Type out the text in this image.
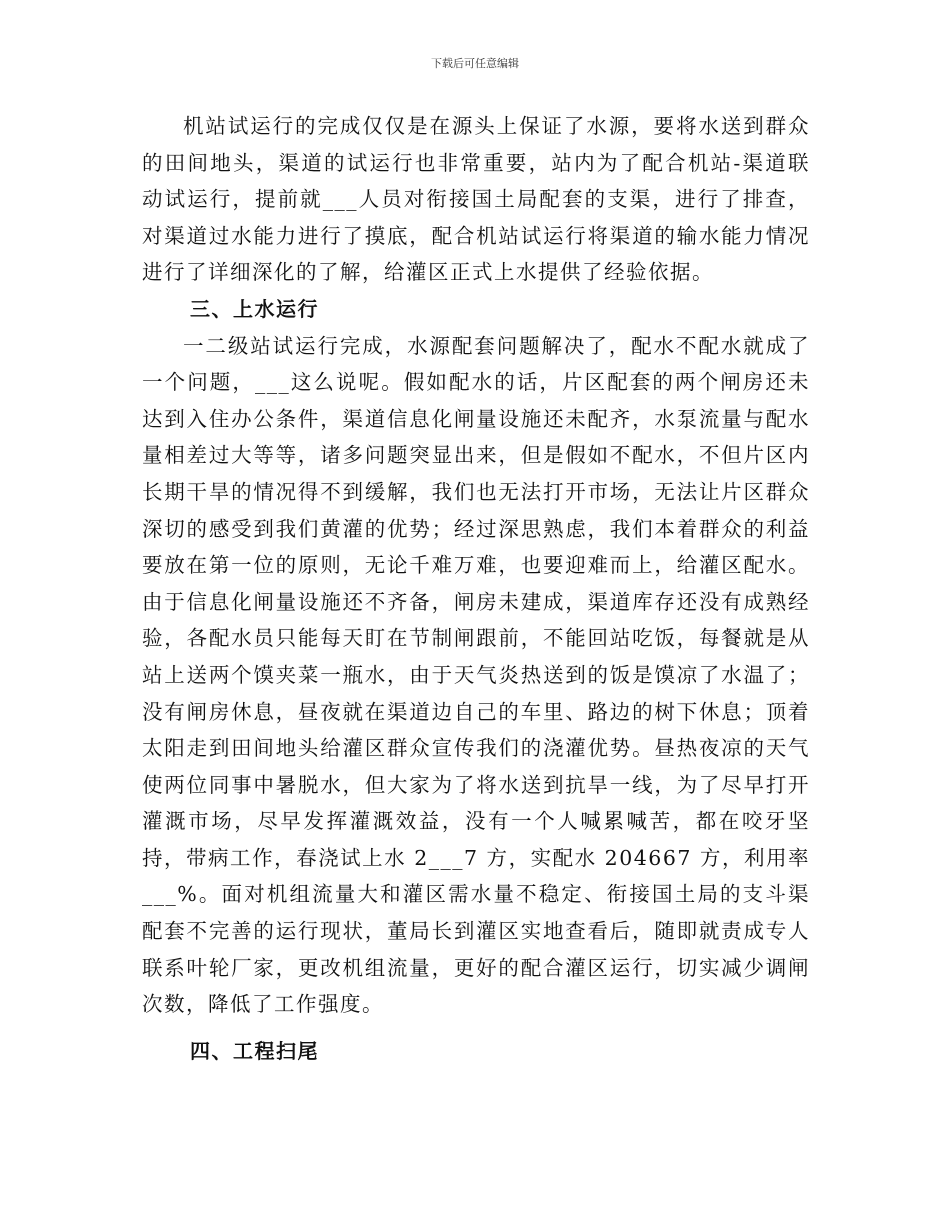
下载后可任意编辑

机站试运行的完成仅仅是在源头上保证了水源，要将水送到群众的田间地头，渠道的试运行也非常重要，站内为了配合机站-渠道联动试运行，提前就___人员对衔接国土局配套的支渠，进行了排查，对渠道过水能力进行了摸底，配合机站试运行将渠道的输水能力情况进行了详细深化的了解，给灌区正式上水提供了经验依据。

三、上水运行

一二级站试运行完成，水源配套问题解决了，配水不配水就成了一个问题，___这么说呢。假如配水的话，片区配套的两个闸房还未达到入住办公条件，渠道信息化闸量设施还未配齐，水泵流量与配水量相差过大等等，诸多问题突显出来，但是假如不配水，不但片区内长期干旱的情况得不到缓解，我们也无法打开市场，无法让片区群众深切的感受到我们黄灌的优势；经过深思熟虑，我们本着群众的利益要放在第一位的原则，无论千难万难，也要迎难而上，给灌区配水。由于信息化闸量设施还不齐备，闸房未建成，渠道库存还没有成熟经验，各配水员只能每天盯在节制闸跟前，不能回站吃饭，每餐就是从站上送两个馍夹菜一瓶水，由于天气炎热送到的饭是馍凉了水温了；没有闸房休息，昼夜就在渠道边自己的车里、路边的树下休息；顶着太阳走到田间地头给灌区群众宣传我们的浇灌优势。昼热夜凉的天气使两位同事中暑脱水，但大家为了将水送到抗旱一线，为了尽早打开灌溉市场，尽早发挥灌溉效益，没有一个人喊累喊苦，都在咬牙坚持，带病工作，春浇试上水 2___7 方，实配水 204667 方，利用率___%。面对机组流量大和灌区需水量不稳定、衔接国土局的支斗渠配套不完善的运行现状，董局长到灌区实地查看后，随即就责成专人联系叶轮厂家，更改机组流量，更好的配合灌区运行，切实减少调闸次数，降低了工作强度。

四、工程扫尾
